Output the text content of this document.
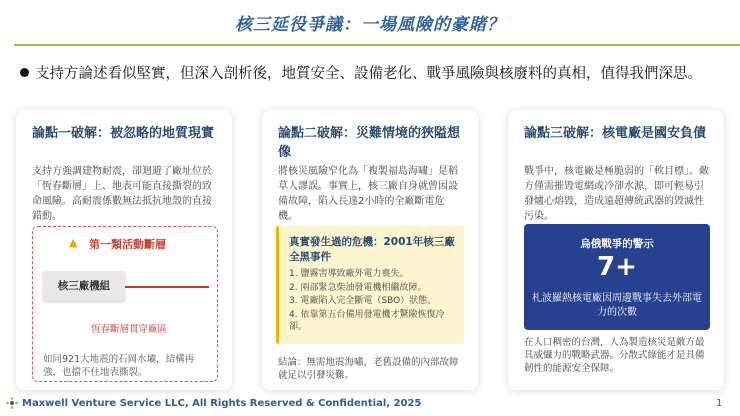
核三延役爭議：一場風險的豪賭？
支持方論述看似堅實，但深入剖析後，地質安全、設備老化、戰爭風險與核廢料的真相，值得我們深思。
論點一破解：被忽略的地質現實
支持方強調建物耐震，卻迴避了廠址位於「恆春斷層」上、地表可能直接撕裂的致命風險。高耐震係數無法抵抗地殼的直接錯動。
▲ 第一類活動斷層
核三廠機組
恆春斷層貫穿廠區
如同921大地震的石岡水壩，結構再強，也擋不住地表撕裂。
論點二破解：災難情境的狹隘想像
將核災風險窄化為「複製福島海嘯」是稻草人謬誤。事實上，核三廠自身就曾因設備故障，陷入長達2小時的全廠斷電危機。
真實發生過的危機：2001年核三廠全黑事件
1. 鹽霧害導致廠外電力喪失。
2. 兩部緊急柴油發電機相繼故障。
3. 電廠陷入完全斷電（SBO）狀態。
4. 依靠第五台備用發電機才驚險恢復冷卻。
結論：無需地震海嘯，老舊設備的內部故障就足以引發災難。
論點三破解：核電廠是國安負債
戰爭中，核電廠是極脆弱的「軟目標」。敵方僅需摧毀電網或冷卻水源，即可輕易引發爐心熔毀，造成遠超傳統武器的毀滅性污染。
烏俄戰爭的警示
7+
札波羅熱核電廠因周邊戰事失去外部電力的次數
在人口稠密的台灣，人為製造核災是敵方最具威懾力的戰略武器。分散式綠能才是具備韌性的能源安全保障。
Maxwell Venture Service LLC, All Rights Reserved & Confidential, 2025	1
